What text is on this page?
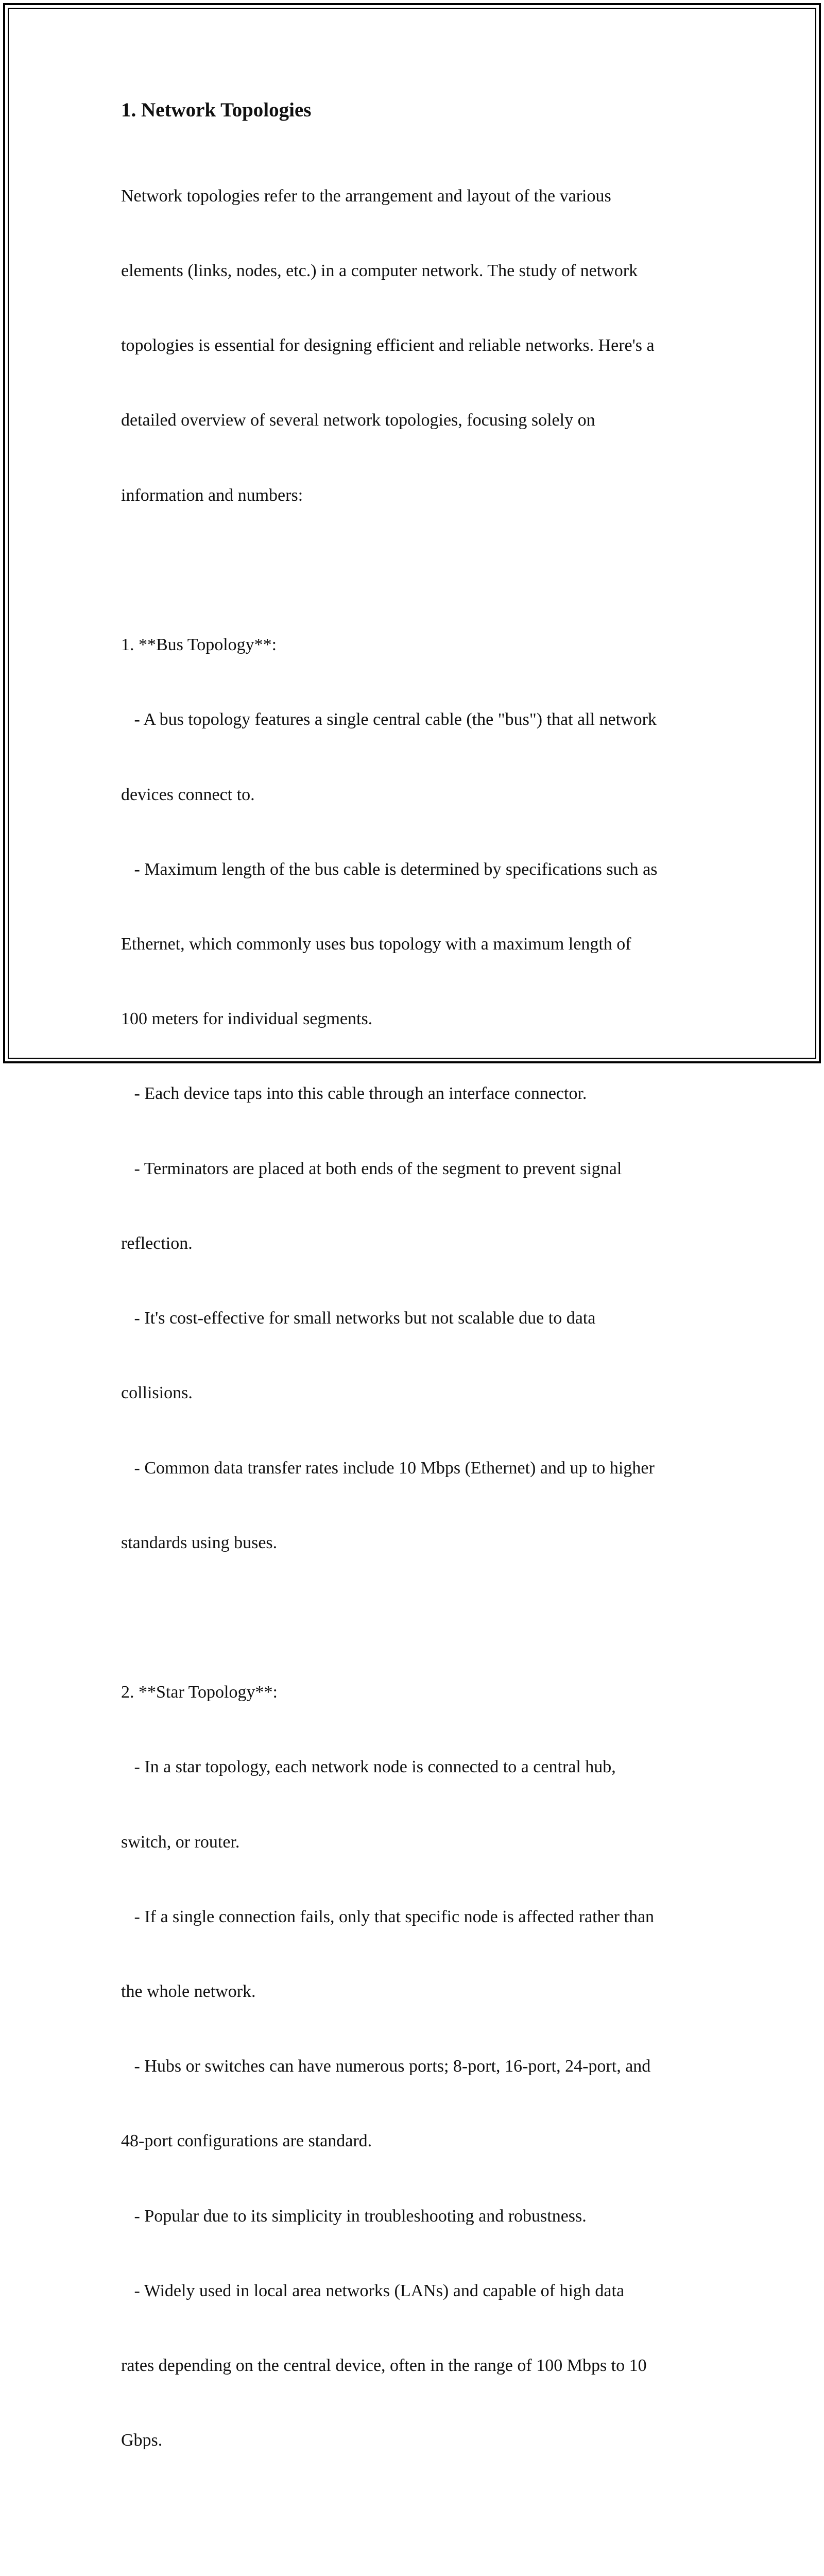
1. Network Topologies

Network topologies refer to the arrangement and layout of the various

elements (links, nodes, etc.) in a computer network. The study of network

topologies is essential for designing efficient and reliable networks. Here's a

detailed overview of several network topologies, focusing solely on

information and numbers:

1. **Bus Topology**:

- A bus topology features a single central cable (the "bus") that all network

devices connect to.

- Maximum length of the bus cable is determined by specifications such as

Ethernet, which commonly uses bus topology with a maximum length of

100 meters for individual segments.

- Each device taps into this cable through an interface connector.

- Terminators are placed at both ends of the segment to prevent signal

reflection.

- It's cost-effective for small networks but not scalable due to data

collisions.

- Common data transfer rates include 10 Mbps (Ethernet) and up to higher

standards using buses.

2. **Star Topology**:

- In a star topology, each network node is connected to a central hub,

switch, or router.

- If a single connection fails, only that specific node is affected rather than

the whole network.

- Hubs or switches can have numerous ports; 8-port, 16-port, 24-port, and

48-port configurations are standard.

- Popular due to its simplicity in troubleshooting and robustness.

- Widely used in local area networks (LANs) and capable of high data

rates depending on the central device, often in the range of 100 Mbps to 10

Gbps.
